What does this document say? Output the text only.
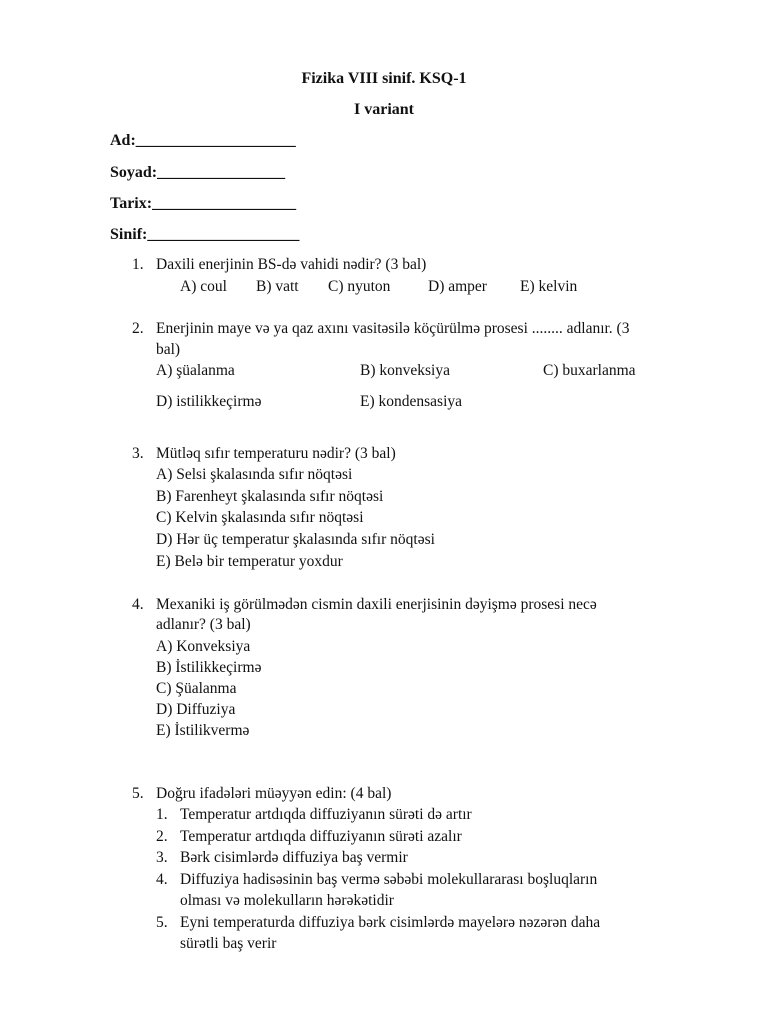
Fizika VIII sinif. KSQ-1
I variant
Ad:____________________
Soyad:________________
Tarix:__________________
Sinif:___________________
1. Daxili enerjinin BS-də vahidi nədir? (3 bal)
A) coul B) vatt C) nyuton D) amper E) kelvin
2. Enerjinin maye və ya qaz axını vasitəsilə köçürülmə prosesi ........ adlanır. (3
bal)
A) şüalanma	B) konveksiya	C) buxarlanma
D) istilikkeçirmə	E) kondensasiya
3. Mütləq sıfır temperaturu nədir? (3 bal)
A) Selsi şkalasında sıfır nöqtəsi
B) Farenheyt şkalasında sıfır nöqtəsi
C) Kelvin şkalasında sıfır nöqtəsi
D) Hər üç temperatur şkalasında sıfır nöqtəsi
E) Belə bir temperatur yoxdur
4. Mexaniki iş görülmədən cismin daxili enerjisinin dəyişmə prosesi necə
adlanır? (3 bal)
A) Konveksiya
B) İstilikkeçirmə
C) Şüalanma
D) Diffuziya
E) İstilikvermə
5. Doğru ifadələri müəyyən edin: (4 bal)
1. Temperatur artdıqda diffuziyanın sürəti də artır
2. Temperatur artdıqda diffuziyanın sürəti azalır
3. Bərk cisimlərdə diffuziya baş vermir
4. Diffuziya hadisəsinin baş vermə səbəbi molekullararası boşluqların
olması və molekulların hərəkətidir
5. Eyni temperaturda diffuziya bərk cisimlərdə mayelərə nəzərən daha
sürətli baş verir
